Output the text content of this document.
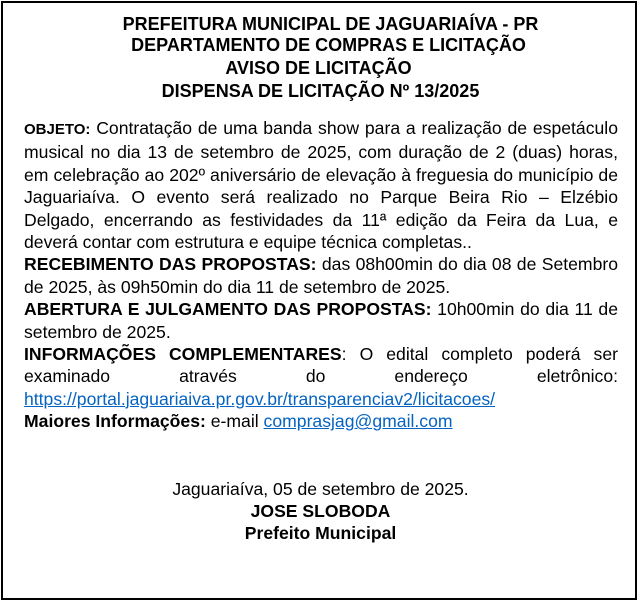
PREFEITURA MUNICIPAL DE JAGUARIAÍVA - PR
DEPARTAMENTO DE COMPRAS E LICITAÇÃO
AVISO DE LICITAÇÃO
DISPENSA DE LICITAÇÃO Nº 13/2025

OBJETO: Contratação de uma banda show para a realização de espetáculo musical no dia 13 de setembro de 2025, com duração de 2 (duas) horas, em celebração ao 202º aniversário de elevação à freguesia do município de Jaguariaíva. O evento será realizado no Parque Beira Rio – Elzébio Delgado, encerrando as festividades da 11ª edição da Feira da Lua, e deverá contar com estrutura e equipe técnica completas..

RECEBIMENTO DAS PROPOSTAS: das 08h00min do dia 08 de Setembro de 2025, às 09h50min do dia 11 de setembro de 2025.

ABERTURA E JULGAMENTO DAS PROPOSTAS: 10h00min do dia 11 de setembro de 2025.

INFORMAÇÕES COMPLEMENTARES: O edital completo poderá ser examinado através do endereço eletrônico: https://portal.jaguariaiva.pr.gov.br/transparenciav2/licitacoes/

Maiores Informações: e-mail comprasjag@gmail.com

Jaguariaíva, 05 de setembro de 2025.
JOSE SLOBODA
Prefeito Municipal
